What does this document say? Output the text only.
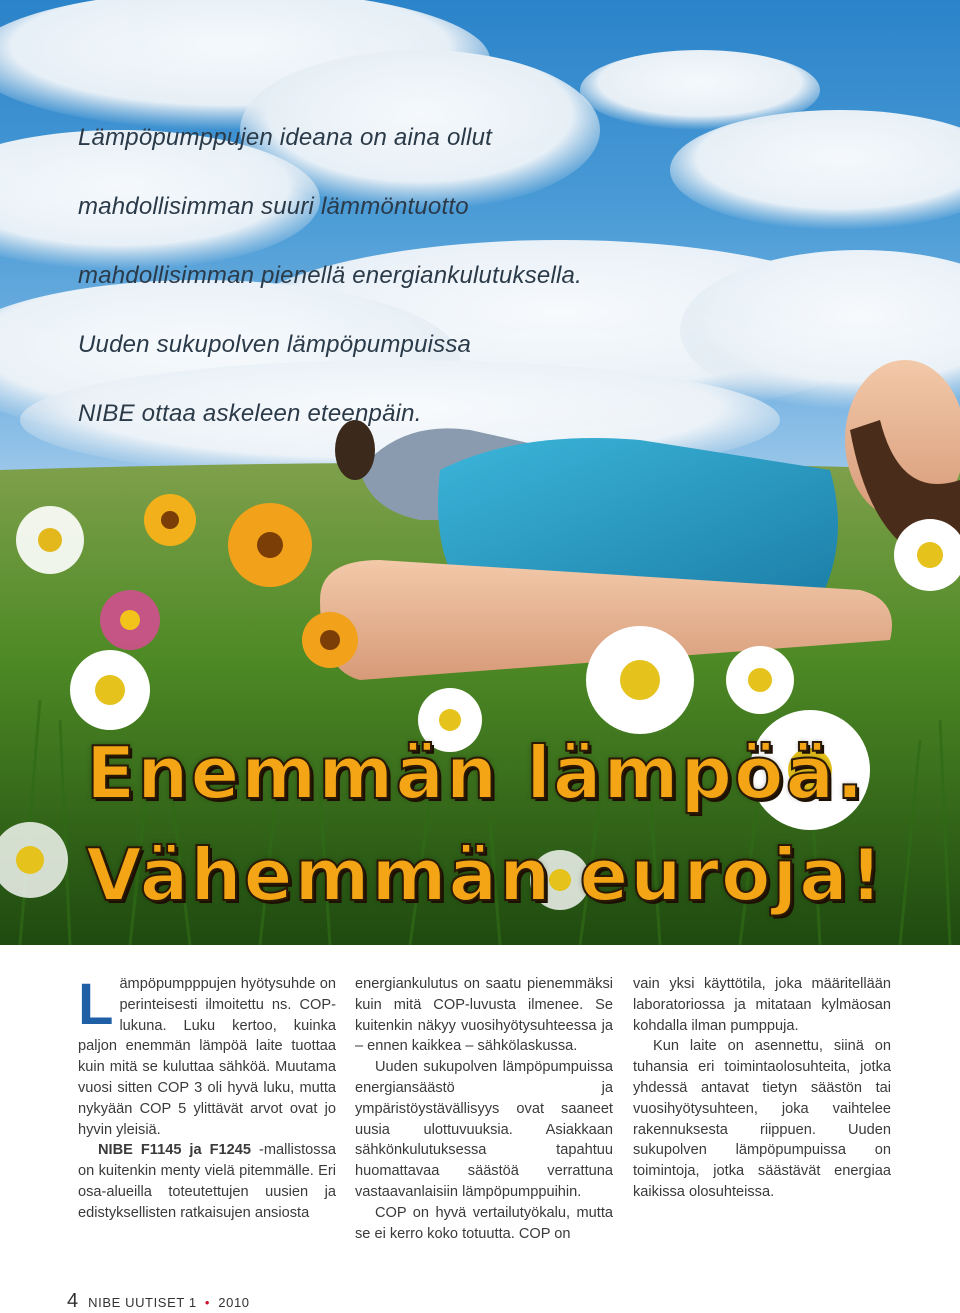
Lämpöpumppujen ideana on aina ollut

mahdollisimman suuri lämmöntuotto

mahdollisimman pienellä energiankulutuksella.

Uuden sukupolven lämpöpumpuissa

NIBE ottaa askeleen eteenpäin.

Enemmän lämpöä.
Vähemmän euroja!

L ämpöpumpppujen hyötysuhde on perinteisesti ilmoitettu ns. COP-lukuna. Luku kertoo, kuinka paljon enemmän lämpöä laite tuottaa kuin mitä se kuluttaa sähköä. Muutama vuosi sitten COP 3 oli hyvä luku, mutta nykyään COP 5 ylittävät arvot ovat jo hyvin yleisiä.

NIBE F1145 ja F1245 -mallistossa on kuitenkin menty vielä pitemmälle. Eri osa-alueilla toteutettujen uusien ja edistyksellisten ratkaisujen ansiosta

energiankulutus on saatu pienemmäksi kuin mitä COP-luvusta ilmenee. Se kuitenkin näkyy vuosihyötysuhteessa ja – ennen kaikkea – sähkölaskussa.

Uuden sukupolven lämpöpumpuissa energiansäästö ja ympäristöystävällisyys ovat saaneet uusia ulottuvuuksia. Asiakkaan sähkönkulutuksessa tapahtuu huomattavaa säästöä verrattuna vastaavanlaisiin lämpöpumppuihin.

COP on hyvä vertailutyökalu, mutta se ei kerro koko totuutta. COP on

vain yksi käyttötila, joka määritellään laboratoriossa ja mitataan kylmäosan kohdalla ilman pumppuja.

Kun laite on asennettu, siinä on tuhansia eri toimintaolosuhteita, jotka yhdessä antavat tietyn säästön tai vuosihyötysuhteen, joka vaihtelee rakennuksesta riippuen. Uuden sukupolven lämpöpumpuissa on toimintoja, jotka säästävät energiaa kaikissa olosuhteissa.

4 NIBE UUTISET 1 • 2010
